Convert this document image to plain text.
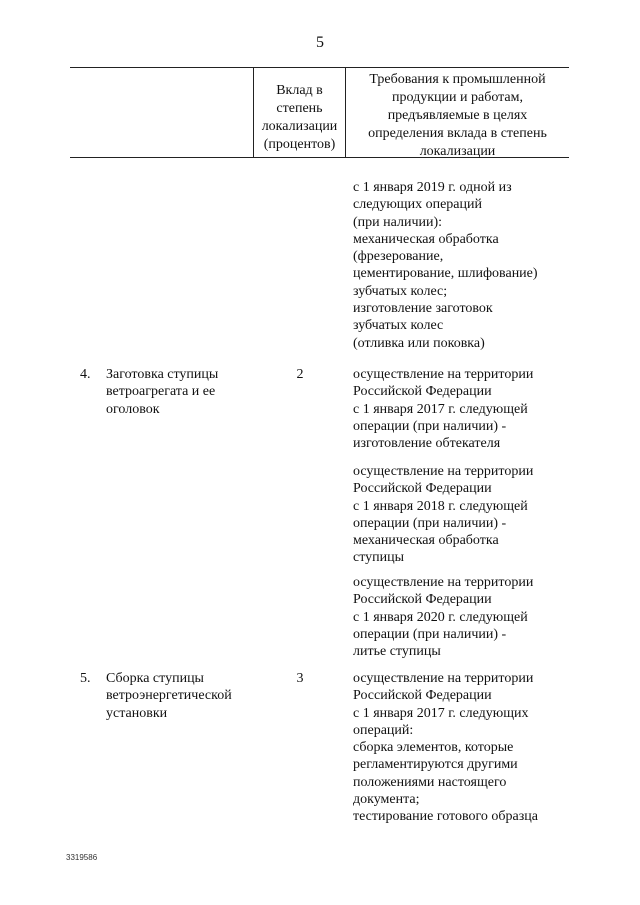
5
Вклад в
степень
локализации
(процентов)
Требования к промышленной
продукции и работам,
предъявляемые в целях
определения вклада в степень
локализации
с 1 января 2019 г. одной из
следующих операций
(при наличии):
механическая обработка
(фрезерование,
цементирование, шлифование)
зубчатых колес;
изготовление заготовок
зубчатых колес
(отливка или поковка)
4. Заготовка ступицы
ветроагрегата и ее
оголовок
2	осуществление на территории
Российской Федерации
с 1 января 2017 г. следующей
операции (при наличии) -
изготовление обтекателя
осуществление на территории
Российской Федерации
с 1 января 2018 г. следующей
операции (при наличии) -
механическая обработка
ступицы
осуществление на территории
Российской Федерации
с 1 января 2020 г. следующей
операции (при наличии) -
литье ступицы
5. Сборка ступицы
ветроэнергетической
установки
3	осуществление на территории
Российской Федерации
с 1 января 2017 г. следующих
операций:
сборка элементов, которые
регламентируются другими
положениями настоящего
документа;
тестирование готового образца
3319586
